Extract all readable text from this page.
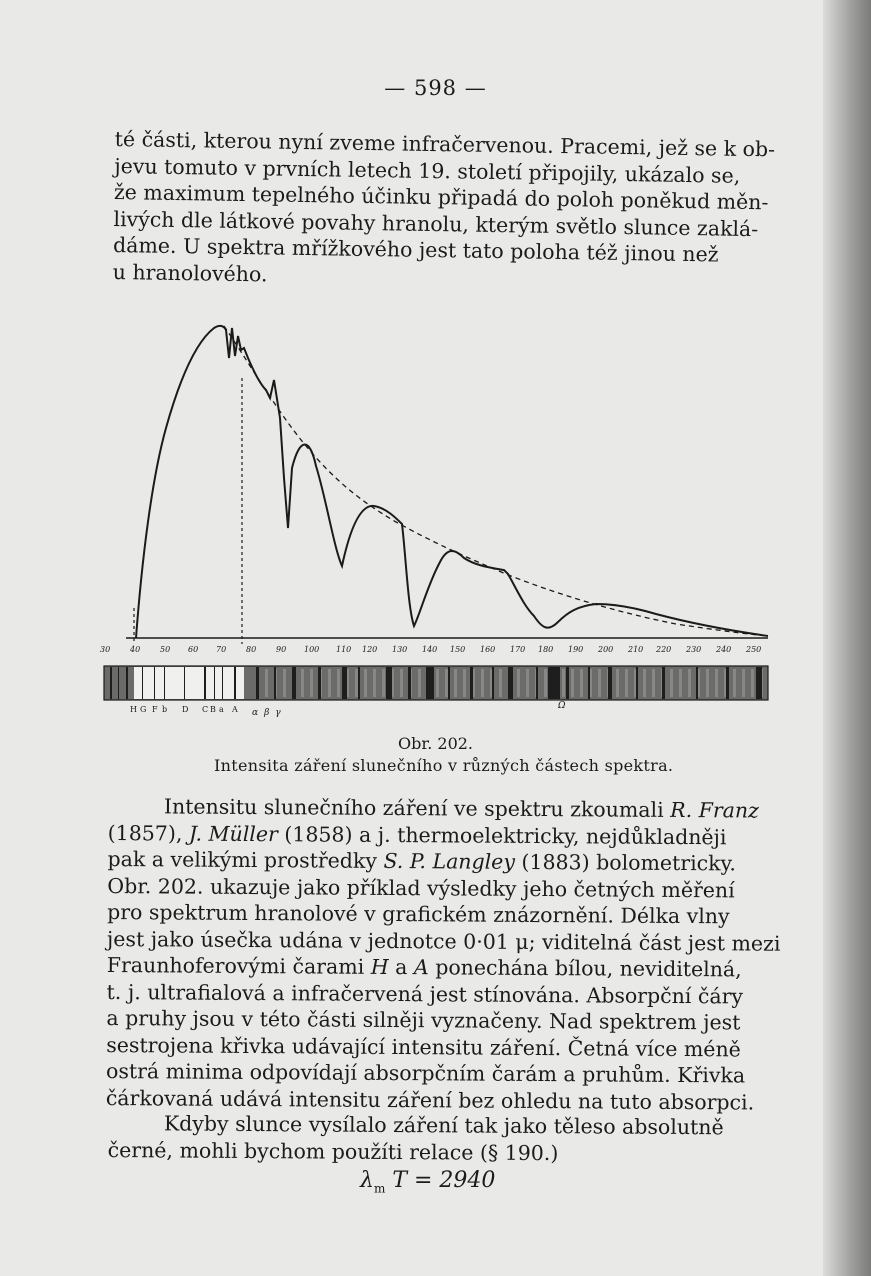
— 598 —
té části, kterou nyní zveme infračervenou. Pracemi, jež se k ob-
jevu tomuto v prvních letech 19. století připojily, ukázalo se,
že maximum tepelného účinku připadá do poloh poněkud měn-
livých dle látkové povahy hranolu, kterým světlo slunce zaklá-
dáme. U spektra mřížkového jest tato poloha též jinou než
u hranolového.
30 40 50 60 70 80 90 100 110 120 130 140 150 160 170 180 190 200 210 220 230 240 250
H G F b D C B a A	Ω
αβγ
Obr. 202.
Intensita záření slunečního v různých částech spektra.
Intensitu slunečního záření ve spektru zkoumali R. Franz
(1857), J. Müller (1858) a j. thermoelektricky, nejdůkladněji
pak a velikými prostředky S. P. Langley (1883) bolometricky.
Obr. 202. ukazuje jako příklad výsledky jeho četných měření
pro spektrum hranolové v grafickém znázornění. Délka vlny
jest jako úsečka udána v jednotce 0·01 μ; viditelná část jest mezi
Fraunhoferovými čarami H a A ponechána bílou, neviditelná,
t. j. ultrafialová a infračervená jest stínována. Absorpční čáry
a pruhy jsou v této části silněji vyznačeny. Nad spektrem jest
sestrojena křivka udávající intensitu záření. Četná více méně
ostrá minima odpovídají absorpčním čarám a pruhům. Křivka
čárkovaná udává intensitu záření bez ohledu na tuto absorpci.
Kdyby slunce vysílalo záření tak jako těleso absolutně
černé, mohli bychom použíti relace (§ 190.)
$\lambda_m$ T = 2940
